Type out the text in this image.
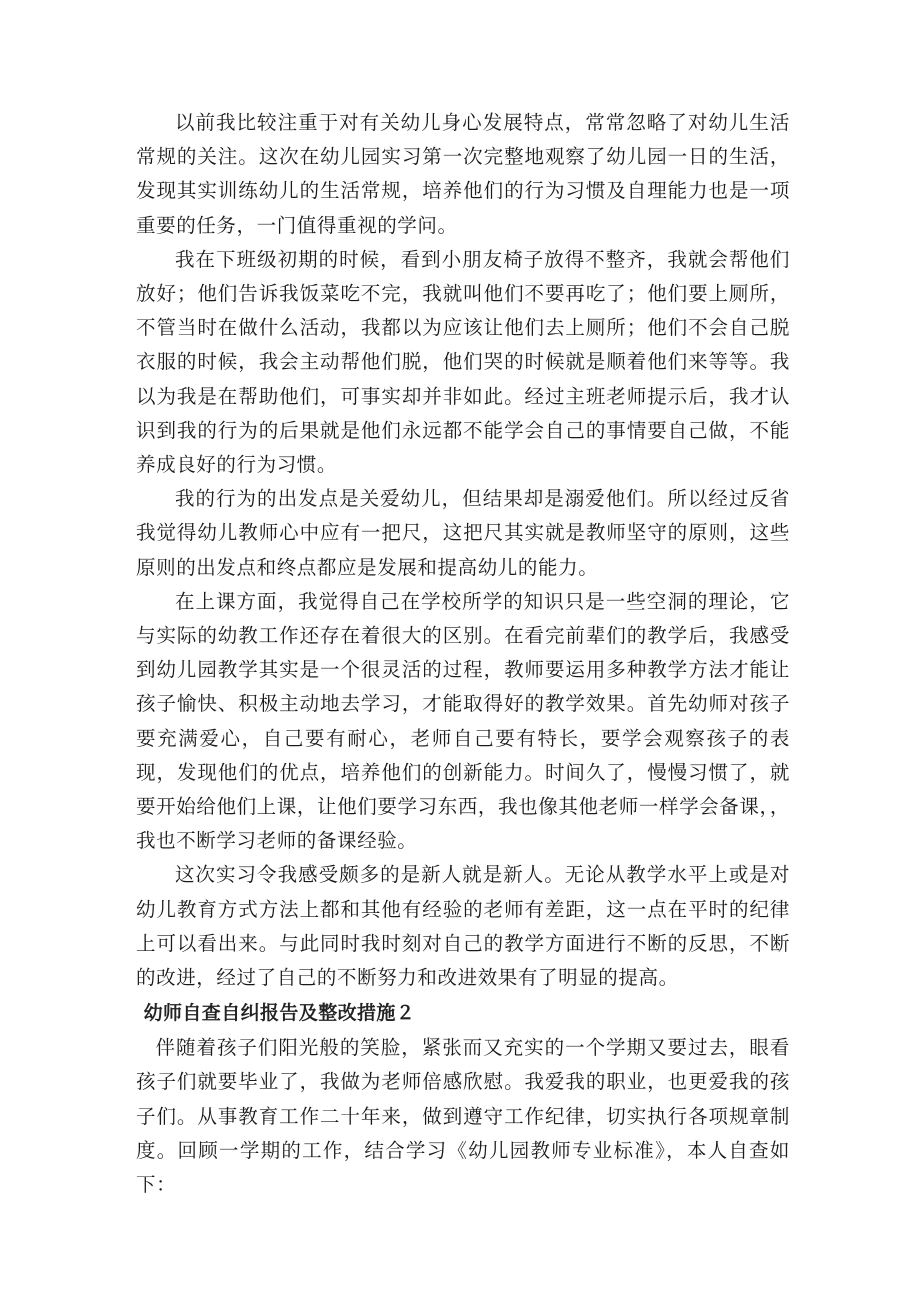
以前我比较注重于对有关幼儿身心发展特点，常常忽略了对幼儿生活常规的关注。这次在幼儿园实习第一次完整地观察了幼儿园一日的生活，发现其实训练幼儿的生活常规，培养他们的行为习惯及自理能力也是一项重要的任务，一门值得重视的学问。

我在下班级初期的时候，看到小朋友椅子放得不整齐，我就会帮他们放好；他们告诉我饭菜吃不完，我就叫他们不要再吃了；他们要上厕所，不管当时在做什么活动，我都以为应该让他们去上厕所；他们不会自己脱衣服的时候，我会主动帮他们脱，他们哭的时候就是顺着他们来等等。我以为我是在帮助他们，可事实却并非如此。经过主班老师提示后，我才认识到我的行为的后果就是他们永远都不能学会自己的事情要自己做，不能养成良好的行为习惯。

我的行为的出发点是关爱幼儿，但结果却是溺爱他们。所以经过反省我觉得幼儿教师心中应有一把尺，这把尺其实就是教师坚守的原则，这些原则的出发点和终点都应是发展和提高幼儿的能力。

在上课方面，我觉得自己在学校所学的知识只是一些空洞的理论，它与实际的幼教工作还存在着很大的区别。在看完前辈们的教学后，我感受到幼儿园教学其实是一个很灵活的过程，教师要运用多种教学方法才能让孩子愉快、积极主动地去学习，才能取得好的教学效果。首先幼师对孩子要充满爱心，自己要有耐心，老师自己要有特长，要学会观察孩子的表现，发现他们的优点，培养他们的创新能力。时间久了，慢慢习惯了，就要开始给他们上课，让他们要学习东西，我也像其他老师一样学会备课，，我也不断学习老师的备课经验。

这次实习令我感受颇多的是新人就是新人。无论从教学水平上或是对幼儿教育方式方法上都和其他有经验的老师有差距，这一点在平时的纪律上可以看出来。与此同时我时刻对自己的教学方面进行不断的反思，不断的改进，经过了自己的不断努力和改进效果有了明显的提高。

幼师自查自纠报告及整改措施２

伴随着孩子们阳光般的笑脸，紧张而又充实的一个学期又要过去，眼看孩子们就要毕业了，我做为老师倍感欣慰。我爱我的职业，也更爱我的孩子们。从事教育工作二十年来，做到遵守工作纪律，切实执行各项规章制度。回顾一学期的工作，结合学习《幼儿园教师专业标准》，本人自查如下：
